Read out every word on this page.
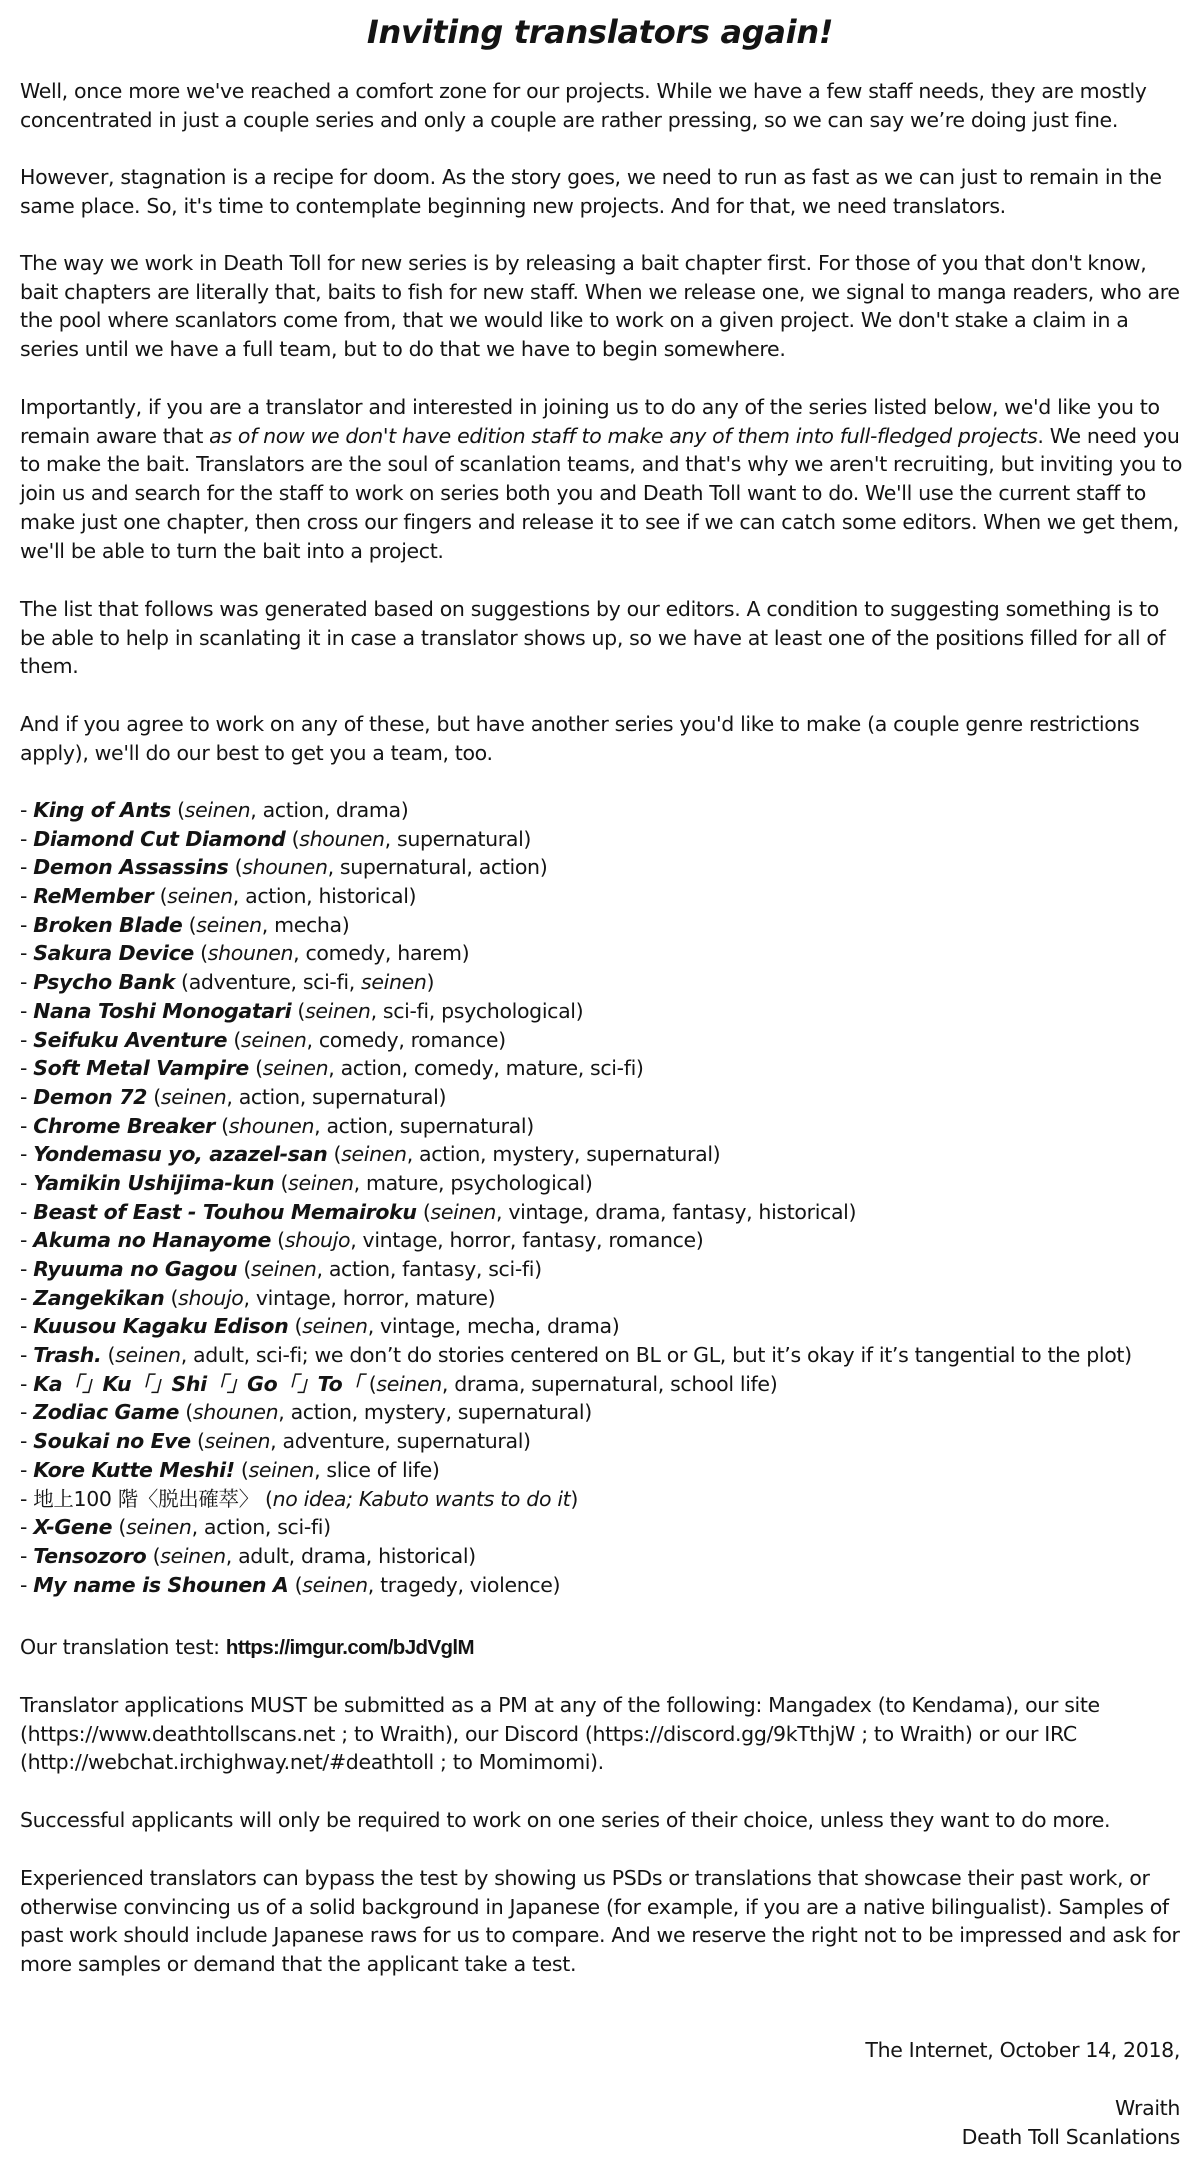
Inviting translators again!

Well, once more we've reached a comfort zone for our projects. While we have a few staff needs, they are mostly concentrated in just a couple series and only a couple are rather pressing, so we can say we’re doing just fine.

However, stagnation is a recipe for doom. As the story goes, we need to run as fast as we can just to remain in the same place. So, it's time to contemplate beginning new projects. And for that, we need translators.

The way we work in Death Toll for new series is by releasing a bait chapter first. For those of you that don't know, bait chapters are literally that, baits to fish for new staff. When we release one, we signal to manga readers, who are the pool where scanlators come from, that we would like to work on a given project. We don't stake a claim in a series until we have a full team, but to do that we have to begin somewhere.

Importantly, if you are a translator and interested in joining us to do any of the series listed below, we'd like you to remain aware that as of now we don't have edition staff to make any of them into full-fledged projects. We need you to make the bait. Translators are the soul of scanlation teams, and that's why we aren't recruiting, but inviting you to join us and search for the staff to work on series both you and Death Toll want to do. We'll use the current staff to make just one chapter, then cross our fingers and release it to see if we can catch some editors. When we get them, we'll be able to turn the bait into a project.

The list that follows was generated based on suggestions by our editors. A condition to suggesting something is to be able to help in scanlating it in case a translator shows up, so we have at least one of the positions filled for all of them.

And if you agree to work on any of these, but have another series you'd like to make (a couple genre restrictions apply), we'll do our best to get you a team, too.

- King of Ants (seinen, action, drama)
- Diamond Cut Diamond (shounen, supernatural)
- Demon Assassins (shounen, supernatural, action)
- ReMember (seinen, action, historical)
- Broken Blade (seinen, mecha)
- Sakura Device (shounen, comedy, harem)
- Psycho Bank (adventure, sci-fi, seinen)
- Nana Toshi Monogatari (seinen, sci-fi, psychological)
- Seifuku Aventure (seinen, comedy, romance)
- Soft Metal Vampire (seinen, action, comedy, mature, sci-fi)
- Demon 72 (seinen, action, supernatural)
- Chrome Breaker (shounen, action, supernatural)
- Yondemasu yo, azazel-san (seinen, action, mystery, supernatural)
- Yamikin Ushijima-kun (seinen, mature, psychological)
- Beast of East - Touhou Memairoku (seinen, vintage, drama, fantasy, historical)
- Akuma no Hanayome (shoujo, vintage, horror, fantasy, romance)
- Ryuuma no Gagou (seinen, action, fantasy, sci-fi)
- Zangekikan (shoujo, vintage, horror, mature)
- Kuusou Kagaku Edison (seinen, vintage, mecha, drama)
- Trash. (seinen, adult, sci-fi; we don’t do stories centered on BL or GL, but it’s okay if it’s tangential to the plot)
- Ka「」Ku「」Shi「」Go「」To「 (seinen, drama, supernatural, school life)
- Zodiac Game (shounen, action, mystery, supernatural)
- Soukai no Eve (seinen, adventure, supernatural)
- Kore Kutte Meshi! (seinen, slice of life)
- 地上100 階〈脱出確萃〉 (no idea; Kabuto wants to do it)
- X-Gene (seinen, action, sci-fi)
- Tensozoro (seinen, adult, drama, historical)
- My name is Shounen A (seinen, tragedy, violence)

Our translation test: https://imgur.com/bJdVglM

Translator applications MUST be submitted as a PM at any of the following: Mangadex (to Kendama), our site (https://www.deathtollscans.net ; to Wraith), our Discord (https://discord.gg/9kTthjW ; to Wraith) or our IRC (http://webchat.irchighway.net/#deathtoll ; to Momimomi).

Successful applicants will only be required to work on one series of their choice, unless they want to do more.

Experienced translators can bypass the test by showing us PSDs or translations that showcase their past work, or otherwise convincing us of a solid background in Japanese (for example, if you are a native bilingualist). Samples of past work should include Japanese raws for us to compare. And we reserve the right not to be impressed and ask for more samples or demand that the applicant take a test.

The Internet, October 14, 2018,
Wraith
Death Toll Scanlations
